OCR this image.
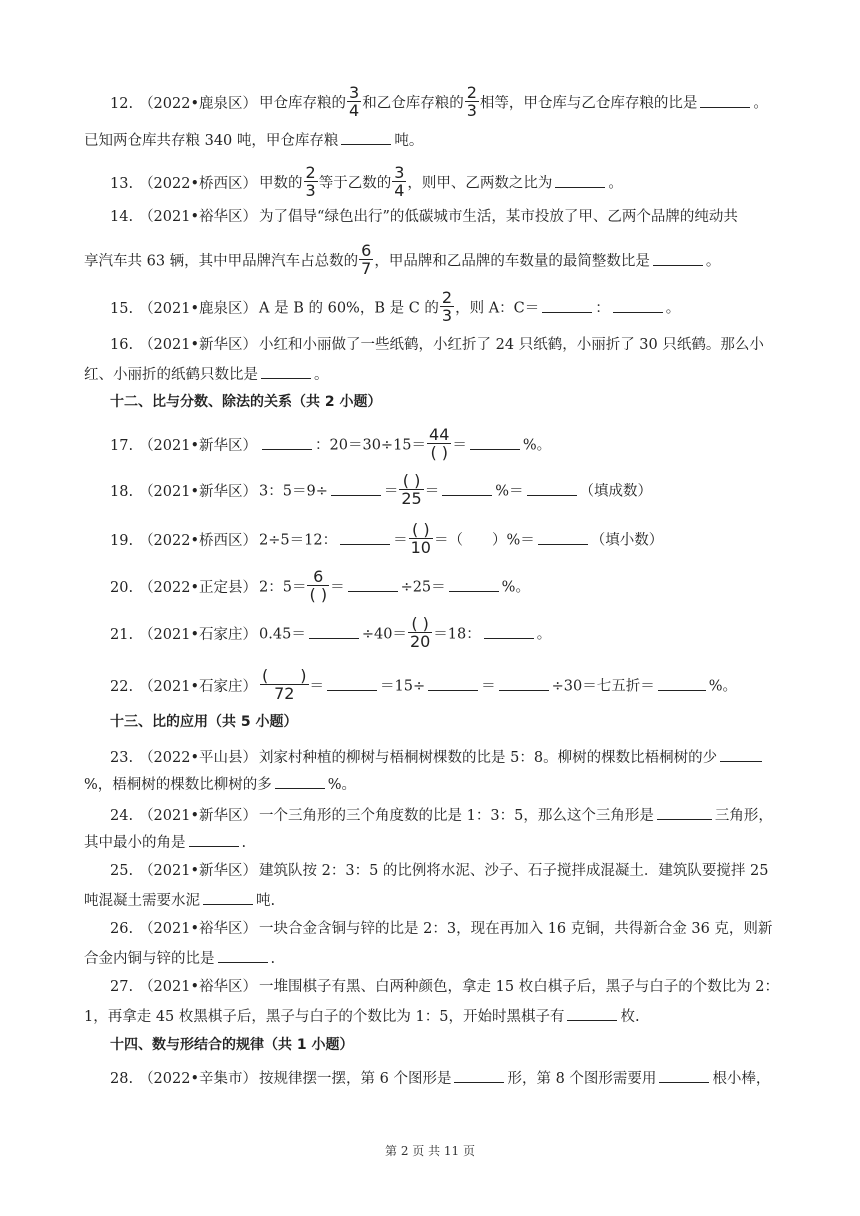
12. （2022•鹿泉区） 甲仓库存粮的 $\frac{3}{4}$ 和乙仓库存粮的 $\frac{2}{3}$ 相等，甲仓库与乙仓库存粮的比是	。
已知两仓库共存粮 340 吨，甲仓库存粮	吨。
13. （2022•桥西区） 甲数的 $\frac{2}{3}$ 等于乙数的 $\frac{3}{4}$ ，则甲、乙两数之比为	。
14. （2021•裕华区） 为了倡导“绿色出行”的低碳城市生活，某市投放了甲、乙两个品牌的纯动共
享汽车共 63 辆，其中甲品牌汽车占总数的 $\frac{6}{7}$ ，甲品牌和乙品牌的车数量的最简整数比是	。
15. （2021•鹿泉区） A 是 B 的 60%，B 是 C 的 $\frac{2}{3}$ ，则 A：C＝	：	。
16. （2021•新华区） 小红和小丽做了一些纸鹤，小红折了 24 只纸鹤，小丽折了 30 只纸鹤。那么小
红、小丽折的纸鹤只数比是	。
十二、比与分数、除法的关系（共 2 小题）
17. （2021•新华区）	：$20=30\div 15= \frac{44}{( )}$ ＝	%。
18. （2021•新华区） 3：5＝9÷	＝ $\frac{( )}{25}$ ＝	%＝	（填成数）
19. （2022•桥西区） 2÷5＝12：	＝ $\frac{( )}{10}$ ＝（　　）%＝	（填小数）
20. （2022•正定县） 2：$5= \frac{6}{( )}$ ＝	÷25＝	%。
21. （2021•石家庄） 0.45＝	$\div 40= \frac{( )}{20} =18$：	。
22. （2021•石家庄） $\frac{( )}{72}$ ＝	＝15÷	＝	÷30＝七五折＝	%。
十三、比的应用（共 5 小题）
23. （2022•平山县） 刘家村种植的柳树与梧桐树棵数的比是 5：8。柳树的棵数比梧桐树的少
%，梧桐树的棵数比柳树的多	%。
24. （2021•新华区） 一个三角形的三个角度数的比是 1：3：5，那么这个三角形是	三角形，
其中最小的角是	.
25. （2021•新华区） 建筑队按 2：3：5 的比例将水泥、沙子、石子搅拌成混凝土．建筑队要搅拌 25
吨混凝土需要水泥	吨.
26. （2021•裕华区） 一块合金含铜与锌的比是 2：3，现在再加入 16 克铜，共得新合金 36 克，则新
合金内铜与锌的比是	.
27. （2021•裕华区） 一堆围棋子有黑、白两种颜色，拿走 15 枚白棋子后，黑子与白子的个数比为 2：
1，再拿走 45 枚黑棋子后，黑子与白子的个数比为 1：5，开始时黑棋子有	枚.
十四、数与形结合的规律（共 1 小题）
28. （2022•辛集市） 按规律摆一摆，第 6 个图形是	形，第 8 个图形需要用	根小棒，
第 2 页 共 11 页
